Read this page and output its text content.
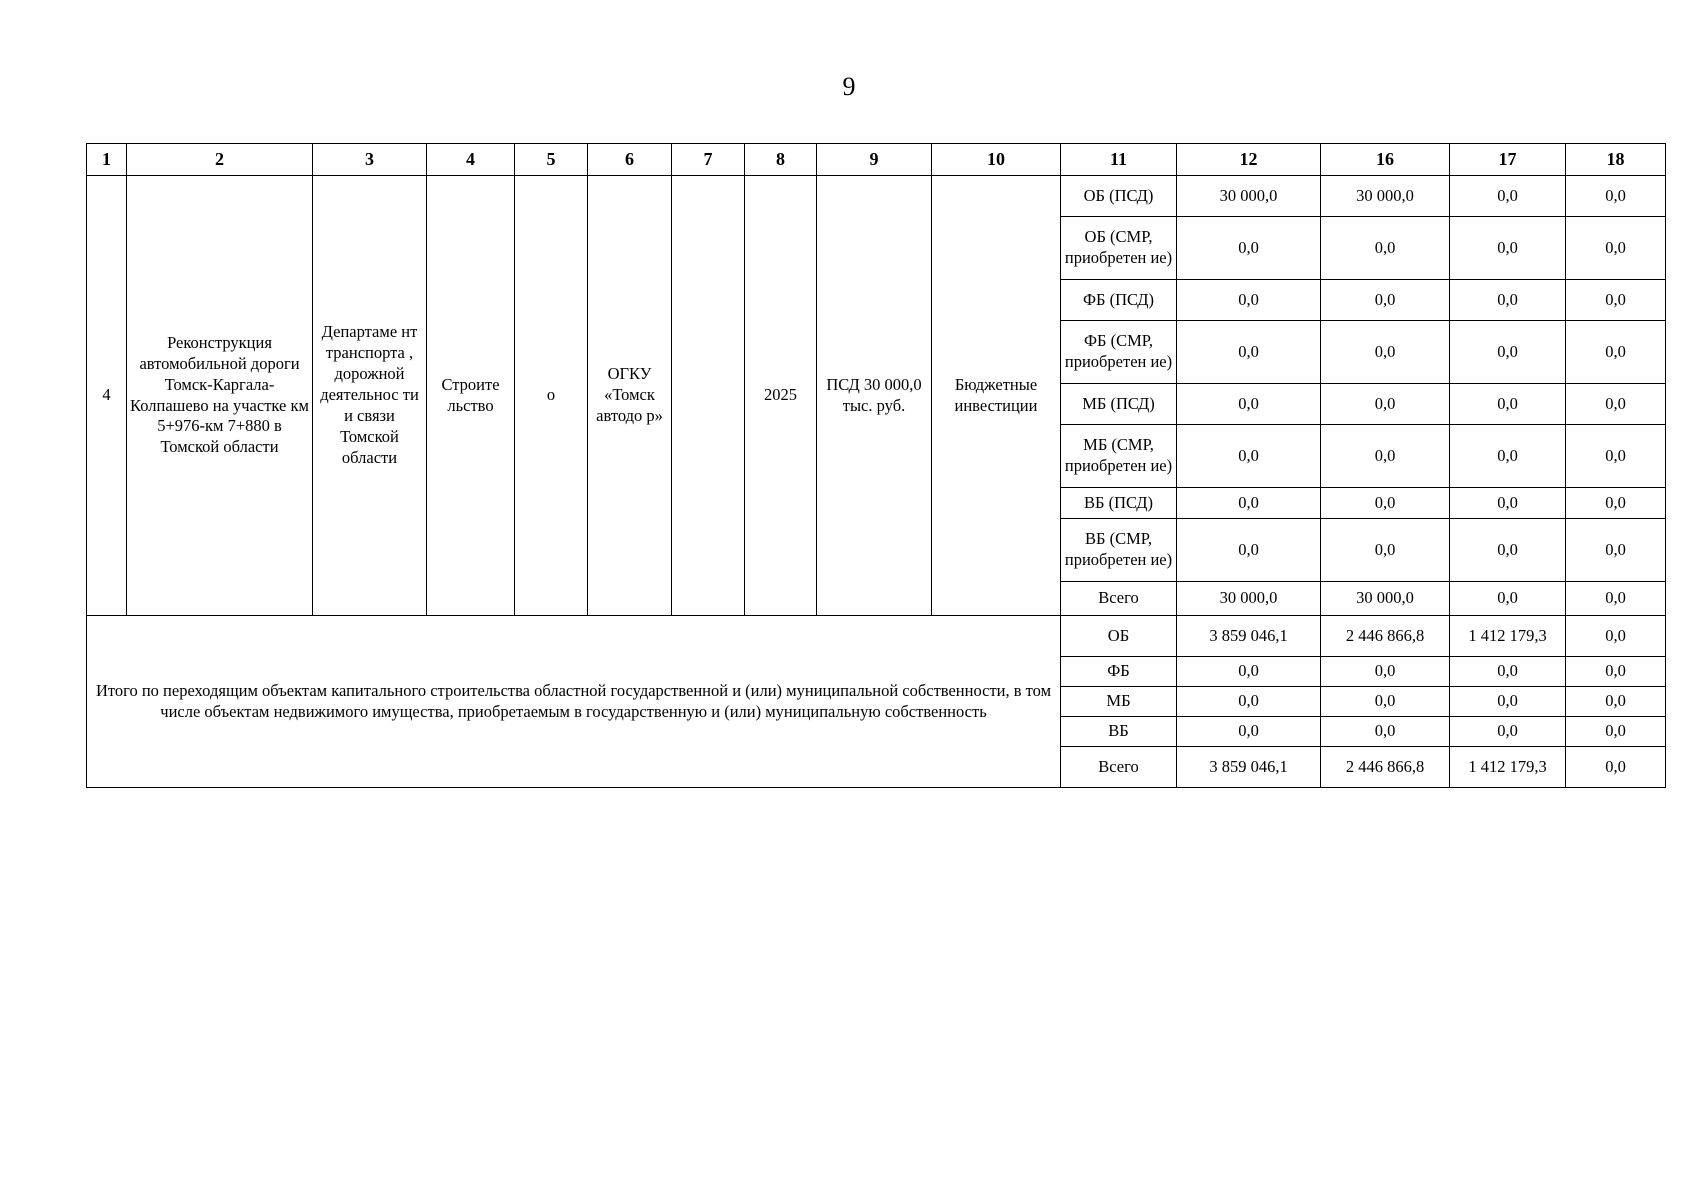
9
1	2	3	4	5	6	7	8	9	10	11	12	16	17	18
4	Реконструкция автомобильной дороги Томск-Каргала-Колпашево на участке км 5+976-км 7+880 в Томской области	Департаме нт транспорта , дорожной деятельнос ти и связи Томской области	Строите льство	о	ОГКУ «Томск автодо р»		2025	ПСД 30 000,0 тыс. руб.	Бюджетные инвестиции	ОБ (ПСД)	30 000,0	30 000,0	0,0	0,0
										ОБ (СМР, приобретен ие)	0,0	0,0	0,0	0,0
										ФБ (ПСД)	0,0	0,0	0,0	0,0
										ФБ (СМР, приобретен ие)	0,0	0,0	0,0	0,0
										МБ (ПСД)	0,0	0,0	0,0	0,0
										МБ (СМР, приобретен ие)	0,0	0,0	0,0	0,0
										ВБ (ПСД)	0,0	0,0	0,0	0,0
										ВБ (СМР, приобретен ие)	0,0	0,0	0,0	0,0
										Всего	30 000,0	30 000,0	0,0	0,0
Итого по переходящим объектам капитального строительства областной государственной и (или) муниципальной собственности, в том числе объектам недвижимого имущества, приобретаемым в государственную и (или) муниципальную собственность										ОБ	3 859 046,1	2 446 866,8	1 412 179,3	0,0
										ФБ	0,0	0,0	0,0	0,0
										МБ	0,0	0,0	0,0	0,0
										ВБ	0,0	0,0	0,0	0,0
										Всего	3 859 046,1	2 446 866,8	1 412 179,3	0,0
